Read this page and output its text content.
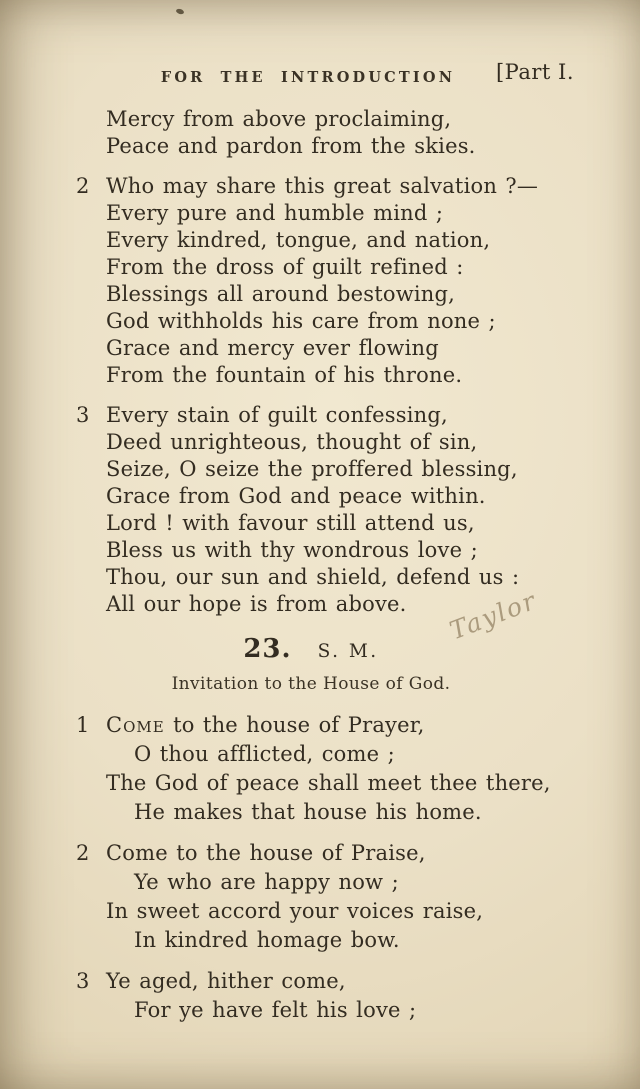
FOR THE INTRODUCTION	[Part I.
Mercy from above proclaiming,
Peace and pardon from the skies.
2 Who may share this great salvation ?—
Every pure and humble mind ;
Every kindred, tongue, and nation,
From the dross of guilt refined :
Blessings all around bestowing,
God withholds his care from none ;
Grace and mercy ever flowing
From the fountain of his throne.
3 Every stain of guilt confessing,
Deed unrighteous, thought of sin,
Seize, O seize the proffered blessing,
Grace from God and peace within.
Lord ! with favour still attend us,
Bless us with thy wondrous love ;
Thou, our sun and shield, defend us :
All our hope is from above.
23. S. M.
Invitation to the House of God.
1 Come to the house of Prayer,
O thou afflicted, come ;
The God of peace shall meet thee there,
He makes that house his home.
2 Come to the house of Praise,
Ye who are happy now ;
In sweet accord your voices raise,
In kindred homage bow.
3 Ye aged, hither come,
For ye have felt his love ;
Taylor
